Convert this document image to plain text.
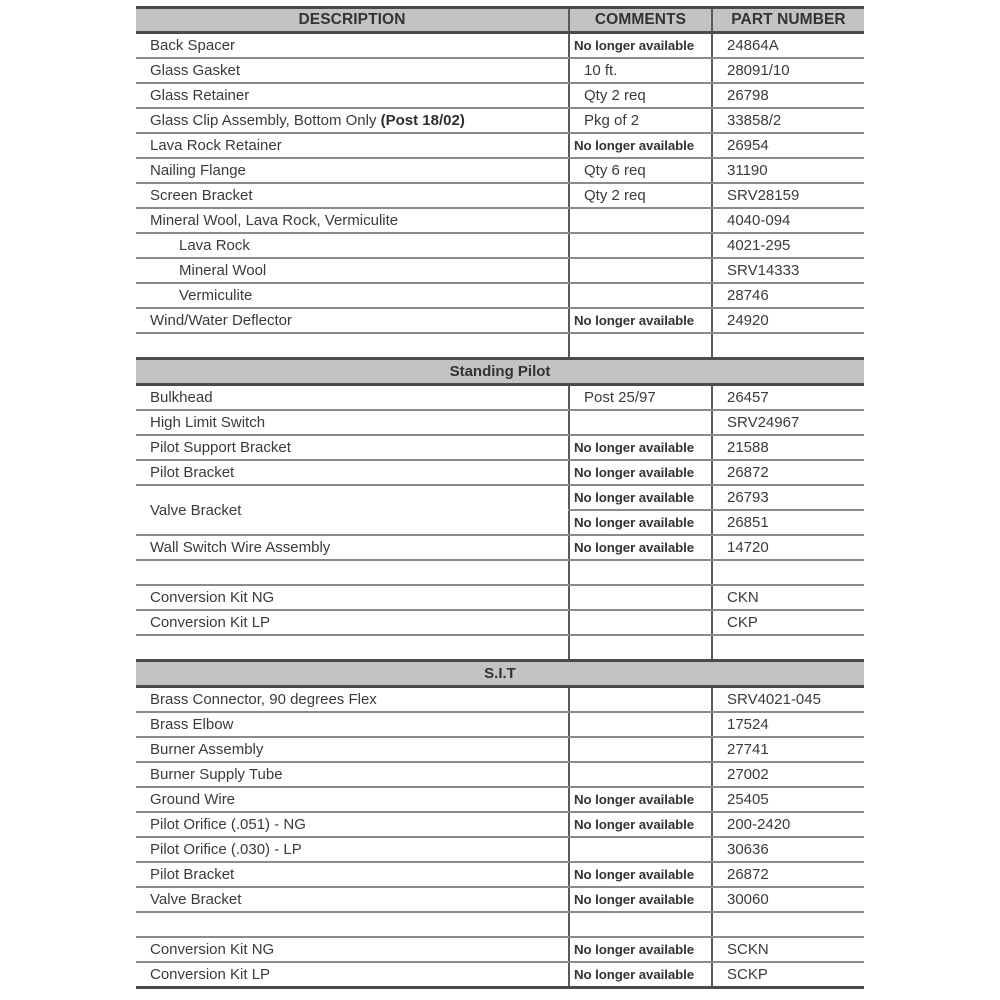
DESCRIPTION	COMMENTS	PART NUMBER
Back Spacer	No longer available	24864A
Glass Gasket	10 ft.	28091/10
Glass Retainer	Qty 2 req	26798
Glass Clip Assembly, Bottom Only (Post 18/02)	Pkg of 2	33858/2
Lava Rock Retainer	No longer available	26954
Nailing Flange	Qty 6 req	31190
Screen Bracket	Qty 2 req	SRV28159
Mineral Wool, Lava Rock, Vermiculite		4040-094
Lava Rock		4021-295
Mineral Wool		SRV14333
Vermiculite		28746
Wind/Water Deflector	No longer available	24920

Standing Pilot		
Bulkhead	Post 25/97	26457
High Limit Switch		SRV24967
Pilot Support Bracket	No longer available	21588
Pilot Bracket	No longer available	26872
Valve Bracket	No longer available	26793
	No longer available	26851
Wall Switch Wire Assembly	No longer available	14720

Conversion Kit NG		CKN
Conversion Kit LP		CKP

S.I.T		
Brass Connector, 90 degrees Flex		SRV4021-045
Brass Elbow		17524
Burner Assembly		27741
Burner Supply Tube		27002
Ground Wire	No longer available	25405
Pilot Orifice (.051) - NG	No longer available	200-2420
Pilot Orifice (.030) - LP		30636
Pilot Bracket	No longer available	26872
Valve Bracket	No longer available	30060

Conversion Kit NG	No longer available	SCKN
Conversion Kit LP	No longer available	SCKP
